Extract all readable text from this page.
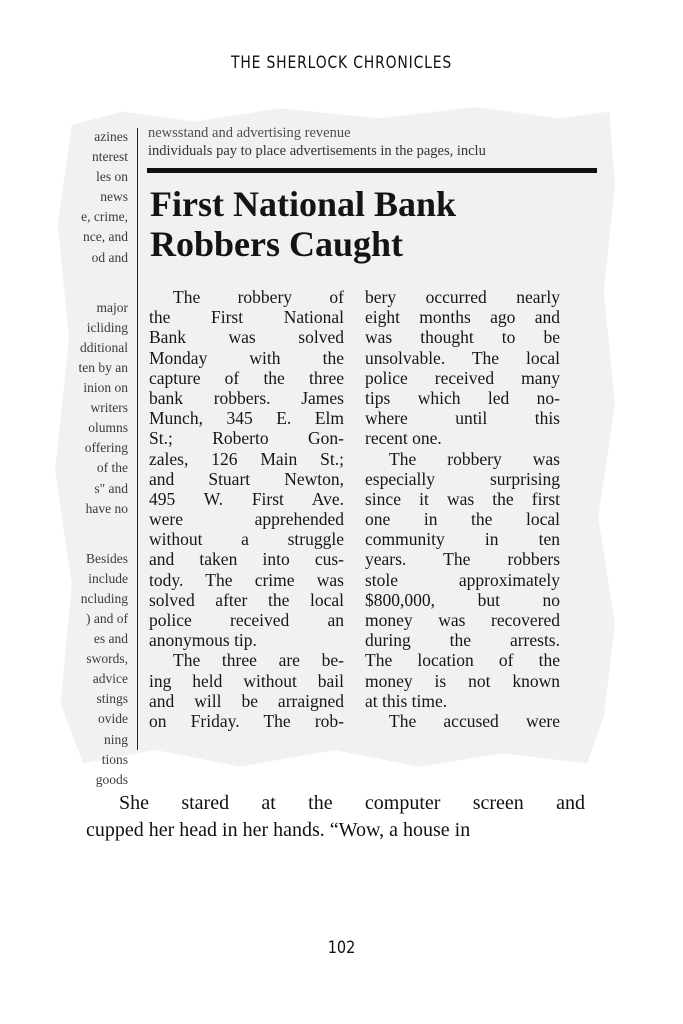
THE SHERLOCK CHRONICLES
azines
nterest
les on
news
e, crime,
nce, and
od and
major
icliding
dditional
ten by an
inion on
writers
olumns
offering
of the
s" and
have no
Besides
include
ncluding
) and of
es and
swords,
advice
stings
ovide
ning
tions
goods
newsstand and advertising revenue
individuals pay to place advertisements in the pages, inclu
First National Bank
Robbers Caught
The robbery of
the First National
Bank was solved
Monday with the
capture of the three
bank robbers. James
Munch, 345 E. Elm
St.; Roberto Gon-
zales, 126 Main St.;
and Stuart Newton,
495 W. First Ave.
were apprehended
without a struggle
and taken into cus-
tody. The crime was
solved after the local
police received an
anonymous tip.
The three are be-
ing held without bail
and will be arraigned
on Friday. The rob-
bery occurred nearly
eight months ago and
was thought to be
unsolvable. The local
police received many
tips which led no-
where until this
recent one.
The robbery was
especially surprising
since it was the first
one in the local
community in ten
years. The robbers
stole approximately
$800,000, but no
money was recovered
during the arrests.
The location of the
money is not known
at this time.
The accused were
She stared at the computer screen and
cupped her head in her hands. “Wow, a house in
102
